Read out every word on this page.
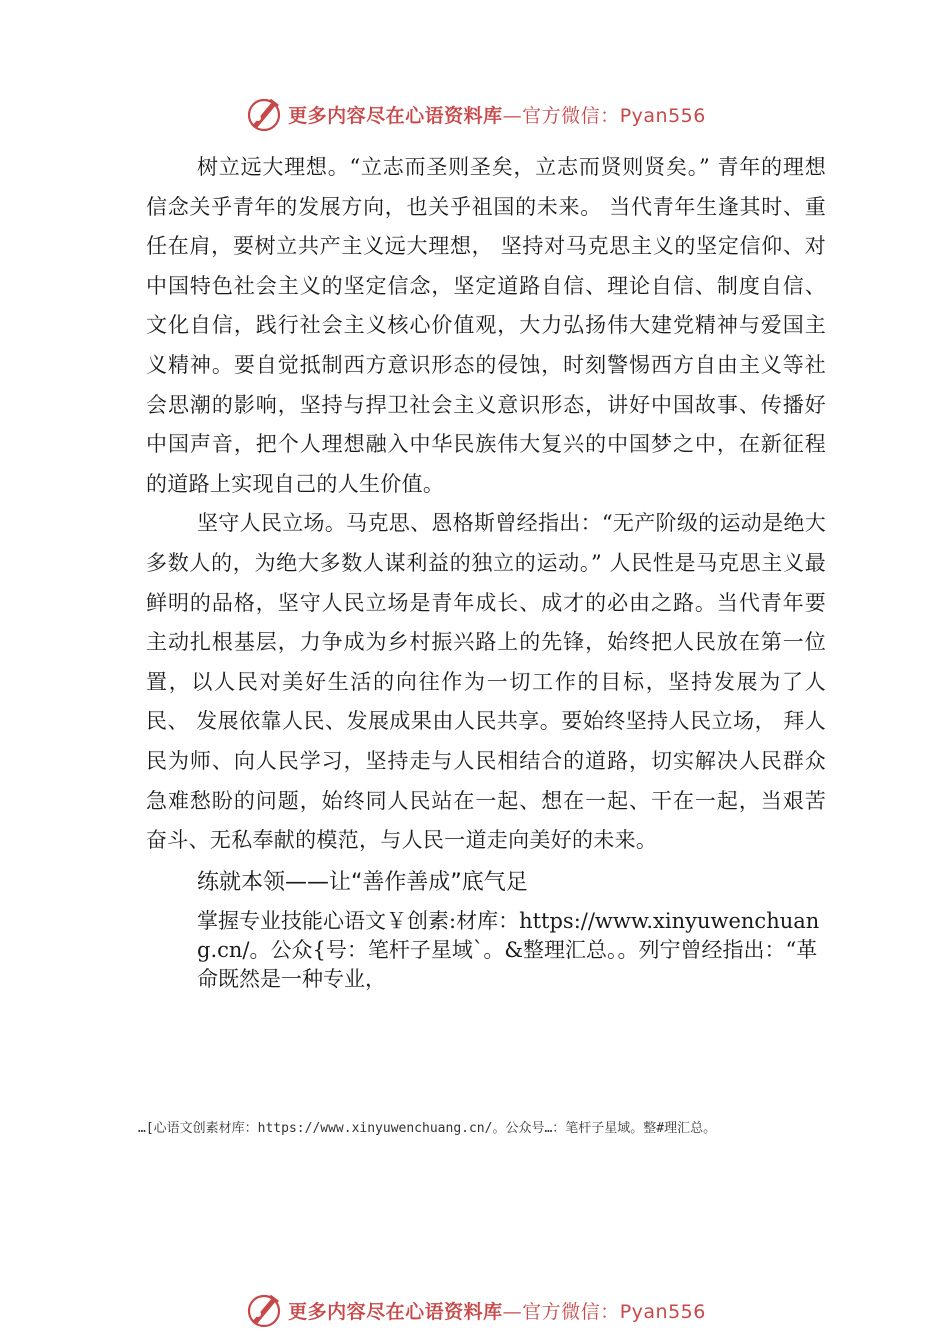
更多内容尽在心语资料库—官方微信：Pyan556

树立远大理想。“立志而圣则圣矣，立志而贤则贤矣。” 青年的理想信念关乎青年的发展方向，也关乎祖国的未来。 当代青年生逢其时、重任在肩，要树立共产主义远大理想， 坚持对马克思主义的坚定信仰、对中国特色社会主义的坚定信念，坚定道路自信、理论自信、制度自信、文化自信，践行社会主义核心价值观，大力弘扬伟大建党精神与爱国主义精神。要自觉抵制西方意识形态的侵蚀，时刻警惕西方自由主义等社会思潮的影响，坚持与捍卫社会主义意识形态，讲好中国故事、传播好中国声音，把个人理想融入中华民族伟大复兴的中国梦之中，在新征程的道路上实现自己的人生价值。

坚守人民立场。马克思、恩格斯曾经指出：“无产阶级的运动是绝大多数人的，为绝大多数人谋利益的独立的运动。” 人民性是马克思主义最鲜明的品格，坚守人民立场是青年成长、成才的必由之路。当代青年要主动扎根基层，力争成为乡村振兴路上的先锋，始终把人民放在第一位置，以人民对美好生活的向往作为一切工作的目标，坚持发展为了人民、 发展依靠人民、发展成果由人民共享。要始终坚持人民立场， 拜人民为师、向人民学习，坚持走与人民相结合的道路，切实解决人民群众急难愁盼的问题，始终同人民站在一起、想在一起、干在一起，当艰苦奋斗、无私奉献的模范，与人民一道走向美好的未来。

练就本领——让“善作善成”底气足

掌握专业技能心语文￥创素:材库：https://www.xinyuwenchuang.cn/。公众{号：笔杆子星域`。&整理汇总。。列宁曾经指出：“革命既然是一种专业，

…[心语文创素材库：https://www.xinyuwenchuang.cn/。公众号…：笔杆子星域。整#理汇总。
更多内容尽在心语资料库—官方微信：Pyan556
